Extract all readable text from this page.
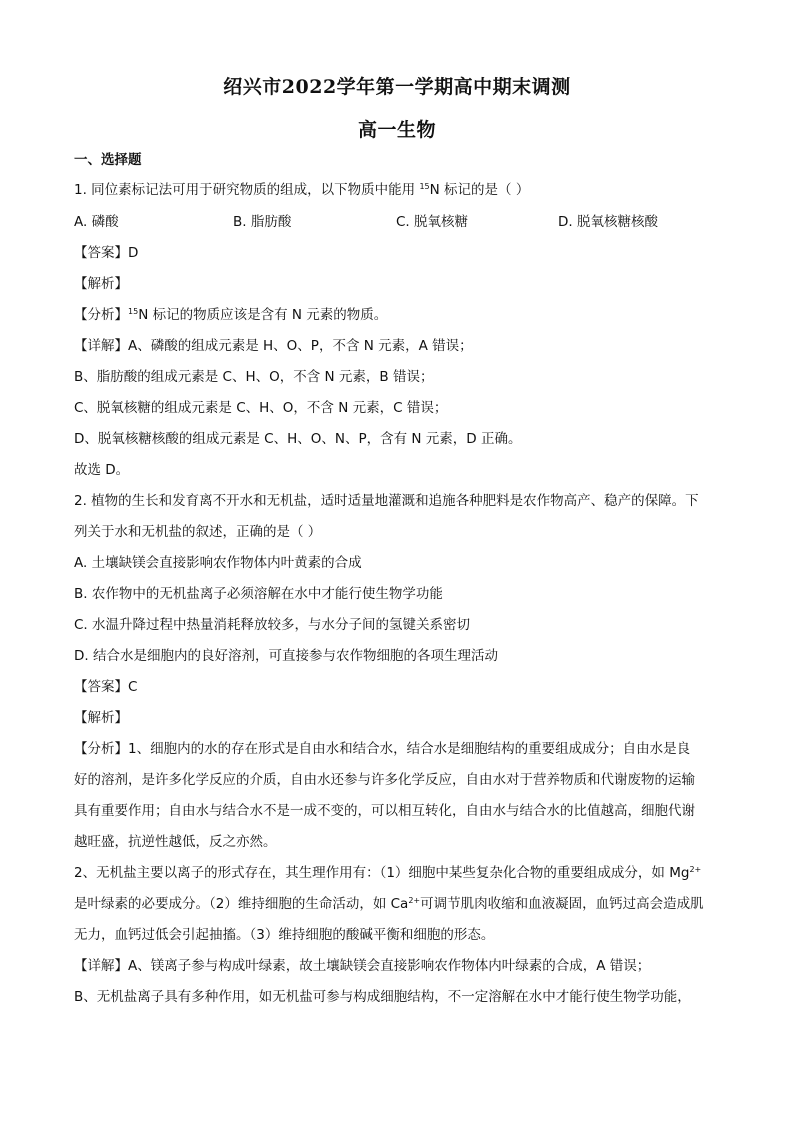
绍兴市2022学年第一学期高中期末调测
高一生物
一、选择题
1. 同位素标记法可用于研究物质的组成，以下物质中能用 $^{15}$N 标记的是（ ）
A. 磷酸	B. 脂肪酸	C. 脱氧核糖	D. 脱氧核糖核酸
【答案】D
【解析】
【分析】$^{15}$N 标记的物质应该是含有 N 元素的物质。
【详解】A、磷酸的组成元素是 H、O、P，不含 N 元素，A 错误；
B、脂肪酸的组成元素是 C、H、O，不含 N 元素，B 错误；
C、脱氧核糖的组成元素是 C、H、O，不含 N 元素，C 错误；
D、脱氧核糖核酸的组成元素是 C、H、O、N、P，含有 N 元素，D 正确。
故选 D。
2. 植物的生长和发育离不开水和无机盐，适时适量地灌溉和追施各种肥料是农作物高产、稳产的保障。下
列关于水和无机盐的叙述，正确的是（ ）
A. 土壤缺镁会直接影响农作物体内叶黄素的合成
B. 农作物中的无机盐离子必须溶解在水中才能行使生物学功能
C. 水温升降过程中热量消耗释放较多，与水分子间的氢键关系密切
D. 结合水是细胞内的良好溶剂，可直接参与农作物细胞的各项生理活动
【答案】C
【解析】
【分析】1、细胞内的水的存在形式是自由水和结合水，结合水是细胞结构的重要组成成分；自由水是良
好的溶剂，是许多化学反应的介质，自由水还参与许多化学反应，自由水对于营养物质和代谢废物的运输
具有重要作用；自由水与结合水不是一成不变的，可以相互转化，自由水与结合水的比值越高，细胞代谢
越旺盛，抗逆性越低，反之亦然。
2、无机盐主要以离子的形式存在，其生理作用有：（1）细胞中某些复杂化合物的重要组成成分，如 $Mg^{2+}$
是叶绿素的必要成分。（2）维持细胞的生命活动，如 $Ca^{2+}$可调节肌肉收缩和血液凝固，血钙过高会造成肌
无力，血钙过低会引起抽搐。（3）维持细胞的酸碱平衡和细胞的形态。
【详解】A、镁离子参与构成叶绿素，故土壤缺镁会直接影响农作物体内叶绿素的合成，A 错误；
B、无机盐离子具有多种作用，如无机盐可参与构成细胞结构，不一定溶解在水中才能行使生物学功能，
